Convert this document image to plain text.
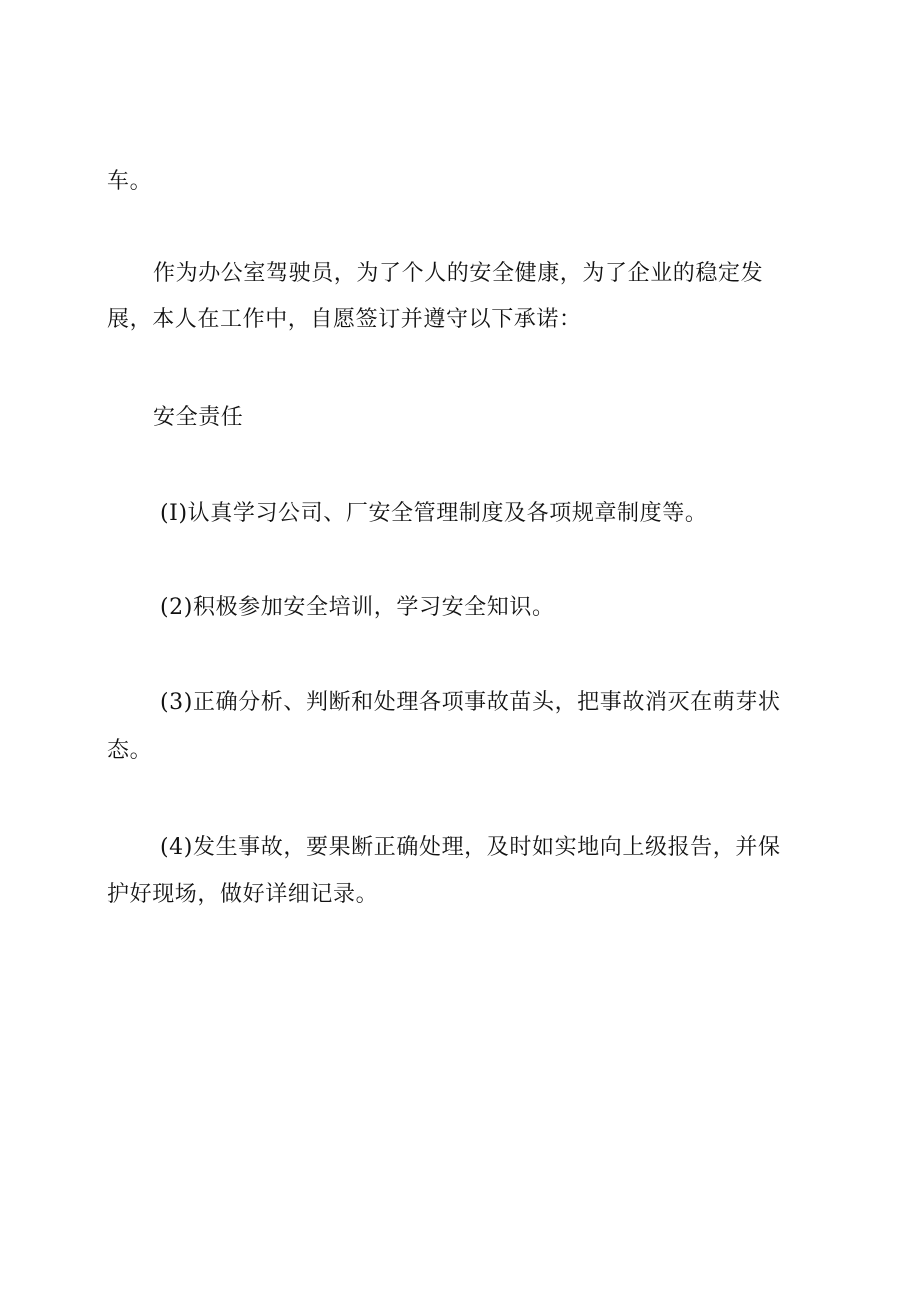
车。

作为办公室驾驶员，为了个人的安全健康，为了企业的稳定发

展，本人在工作中，自愿签订并遵守以下承诺：

安全责任

(I)认真学习公司、厂安全管理制度及各项规章制度等。

(2)积极参加安全培训，学习安全知识。

(3)正确分析、判断和处理各项事故苗头，把事故消灭在萌芽状

态。

(4)发生事故，要果断正确处理，及时如实地向上级报告，并保

护好现场，做好详细记录。
